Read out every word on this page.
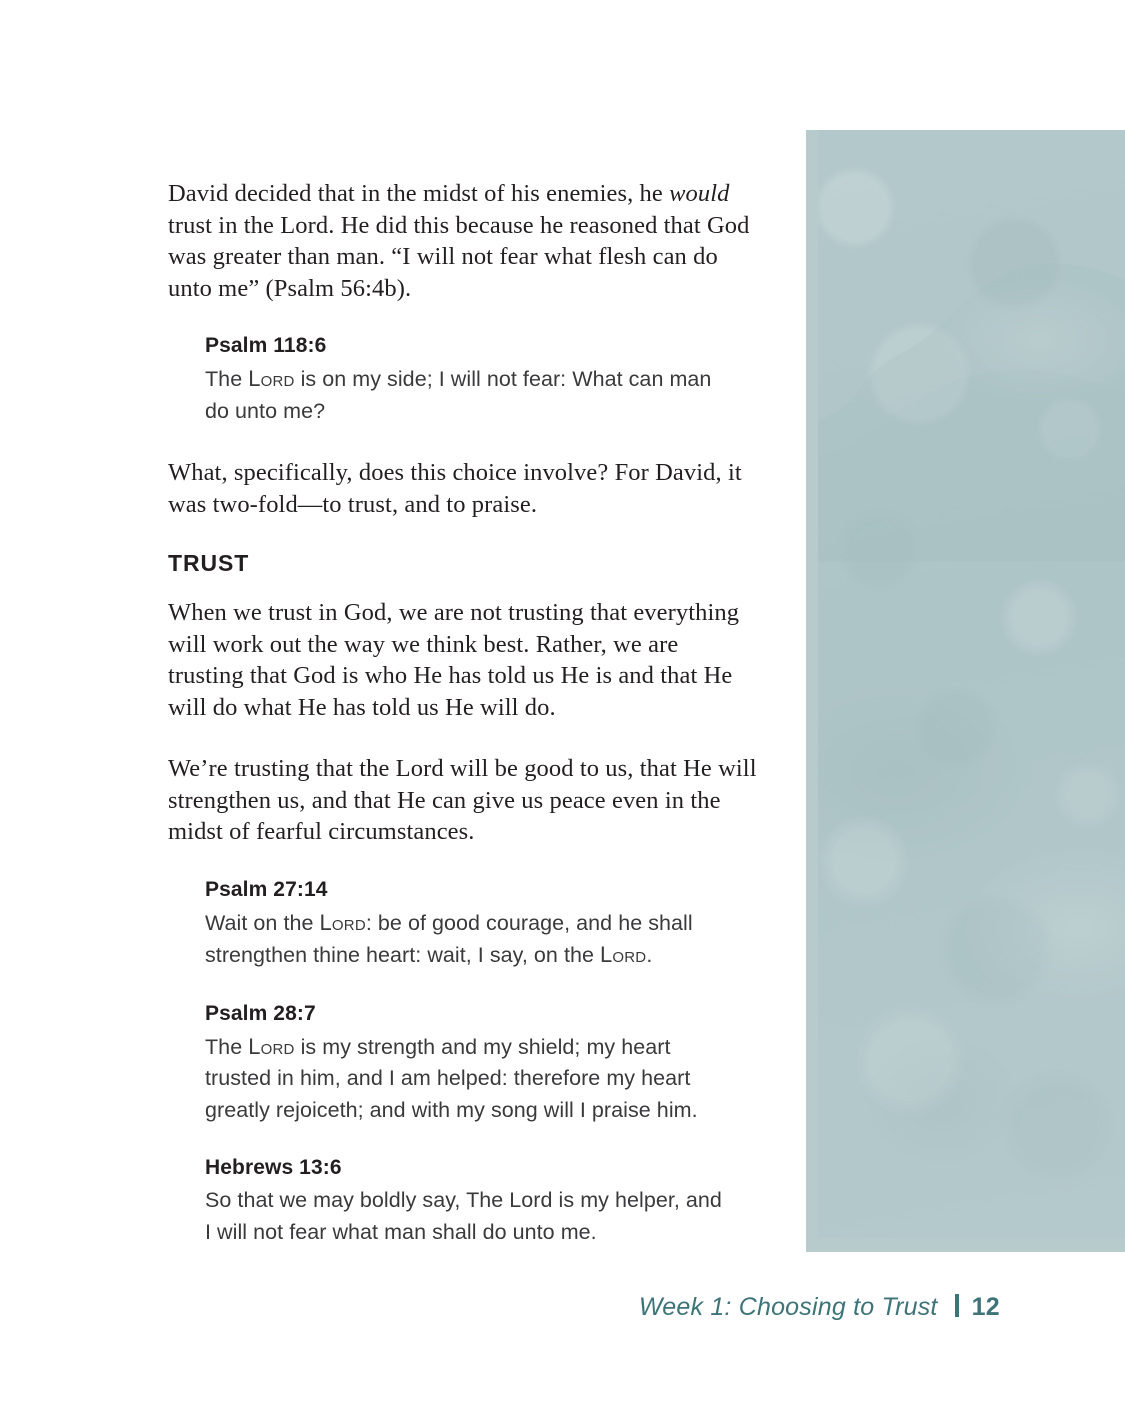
David decided that in the midst of his enemies, he would trust in the Lord. He did this because he reasoned that God was greater than man. “I will not fear what flesh can do unto me” (Psalm 56:4b).

Psalm 118:6
The Lord is on my side; I will not fear: What can man do unto me?

What, specifically, does this choice involve? For David, it was two-fold—to trust, and to praise.

TRUST

When we trust in God, we are not trusting that everything will work out the way we think best. Rather, we are trusting that God is who He has told us He is and that He will do what He has told us He will do.

We’re trusting that the Lord will be good to us, that He will strengthen us, and that He can give us peace even in the midst of fearful circumstances.

Psalm 27:14
Wait on the Lord: be of good courage, and he shall strengthen thine heart: wait, I say, on the Lord.
Psalm 28:7
The Lord is my strength and my shield; my heart trusted in him, and I am helped: therefore my heart greatly rejoiceth; and with my song will I praise him.
Hebrews 13:6
So that we may boldly say, The Lord is my helper, and I will not fear what man shall do unto me.
Week 1: Choosing to Trust 12
